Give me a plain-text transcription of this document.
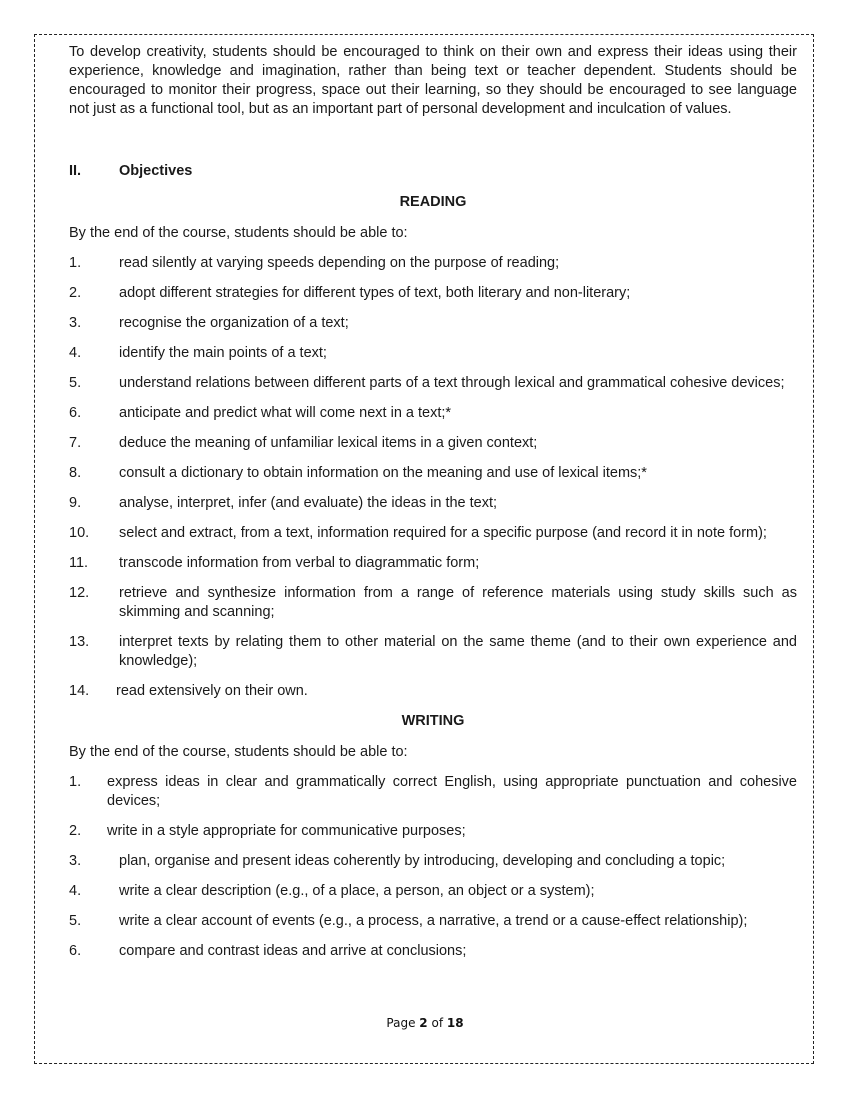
To develop creativity, students should be encouraged to think on their own and express their ideas using their experience, knowledge and imagination, rather than being text or teacher dependent. Students should be encouraged to monitor their progress, space out their learning, so they should be encouraged to see language not just as a functional tool, but as an important part of personal development and inculcation of values.

II.	Objectives
READING

By the end of the course, students should be able to:

1.	read silently at varying speeds depending on the purpose of reading;
2.	adopt different strategies for different types of text, both literary and non-literary;
3.	recognise the organization of a text;
4.	identify the main points of a text;
5.	understand relations between different parts of a text through lexical and grammatical cohesive devices;
6.	anticipate and predict what will come next in a text;*
7.	deduce the meaning of unfamiliar lexical items in a given context;
8.	consult a dictionary to obtain information on the meaning and use of lexical items;*
9.	analyse, interpret, infer (and evaluate) the ideas in the text;
10.	select and extract, from a text, information required for a specific purpose (and record it in note form);
11.	transcode information from verbal to diagrammatic form;
12.	retrieve and synthesize information from a range of reference materials using study skills such as skimming and scanning;
13.	interpret texts by relating them to other material on the same theme (and to their own experience and knowledge);
14.	read extensively on their own.
WRITING

By the end of the course, students should be able to:

1.	express ideas in clear and grammatically correct English, using appropriate punctuation and cohesive devices;
2.	write in a style appropriate for communicative purposes;
3.	plan, organise and present ideas coherently by introducing, developing and concluding a topic;
4.	write a clear description (e.g., of a place, a person, an object or a system);
5.	write a clear account of events (e.g., a process, a narrative, a trend or a cause-effect relationship);
6.	compare and contrast ideas and arrive at conclusions;
Page 2 of 18
